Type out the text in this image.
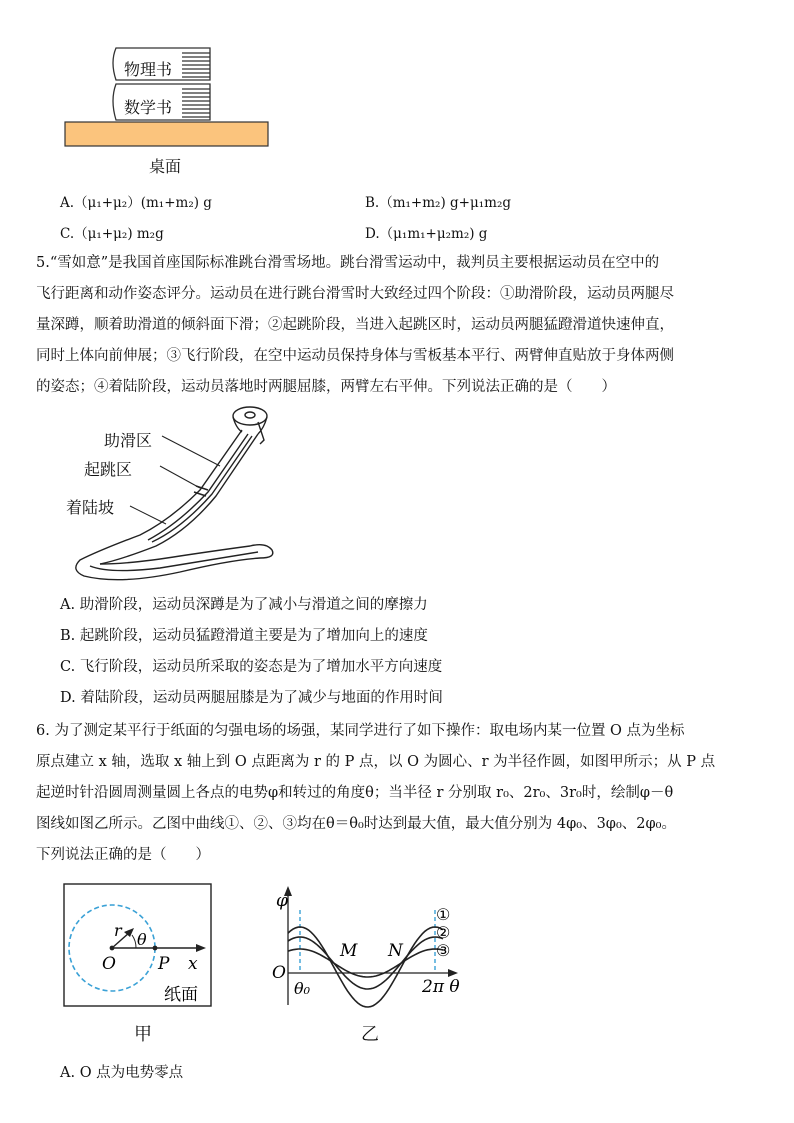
物理书
数学书
桌面
A.（μ₁+μ₂）(m₁+m₂) g	B.（m₁+m₂) g+μ₁m₂g
C.（μ₁+μ₂) m₂g	D.（μ₁m₁+μ₂m₂) g
5.“雪如意”是我国首座国际标准跳台滑雪场地。跳台滑雪运动中，裁判员主要根据运动员在空中的
飞行距离和动作姿态评分。运动员在进行跳台滑雪时大致经过四个阶段：①助滑阶段，运动员两腿尽
量深蹲，顺着助滑道的倾斜面下滑；②起跳阶段，当进入起跳区时，运动员两腿猛蹬滑道快速伸直，
同时上体向前伸展；③飞行阶段，在空中运动员保持身体与雪板基本平行、两臂伸直贴放于身体两侧
的姿态；④着陆阶段，运动员落地时两腿屈膝，两臂左右平伸。下列说法正确的是（　　）
助滑区
起跳区
着陆坡
A. 助滑阶段，运动员深蹲是为了减小与滑道之间的摩擦力
B. 起跳阶段，运动员猛蹬滑道主要是为了增加向上的速度
C. 飞行阶段，运动员所采取的姿态是为了增加水平方向速度
D. 着陆阶段，运动员两腿屈膝是为了减少与地面的作用时间
6. 为了测定某平行于纸面的匀强电场的场强，某同学进行了如下操作：取电场内某一位置 O 点为坐标
原点建立 x 轴，选取 x 轴上到 O 点距离为 r 的 P 点，以 O 为圆心、r 为半径作圆，如图甲所示；从 P 点
起逆时针沿圆周测量圆上各点的电势φ和转过的角度θ；当半径 r 分别取 r₀、2r₀、3r₀时，绘制φ－θ
图线如图乙所示。乙图中曲线①、②、③均在θ＝θ₀时达到最大值，最大值分别为 4φ₀、3φ₀、2φ₀。
下列说法正确的是（　　）
r θ
O P x
纸面
甲
φ
O
M N
θ₀	2π θ
①
②
③
乙
A. O 点为电势零点
